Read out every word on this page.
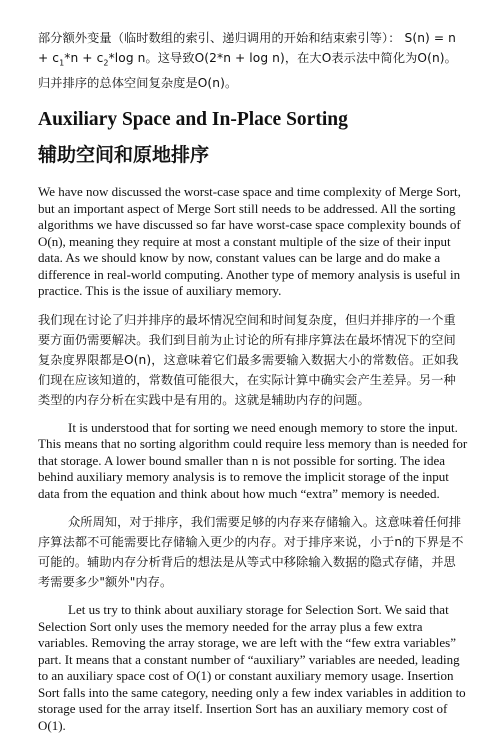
部分额外变量（临时数组的索引、递归调用的开始和结束索引等）： $S(n) = n + c_1*n + c_2*\log$ n。这导致O(2*n + log n)，在大O表示法中简化为O(n)。归并排序的总体空间复杂度是O(n)。

Auxiliary Space and In-Place Sorting
辅助空间和原地排序

We have now discussed the worst-case space and time complexity of Merge Sort, but an important aspect of Merge Sort still needs to be addressed. All the sorting algorithms we have discussed so far have worst-case space complexity bounds of O(n), meaning they require at most a constant multiple of the size of their input data. As we should know by now, constant values can be large and do make a difference in real-world computing. Another type of memory analysis is useful in practice. This is the issue of auxiliary memory.

我们现在讨论了归并排序的最坏情况空间和时间复杂度，但归并排序的一个重要方面仍需要解决。我们到目前为止讨论的所有排序算法在最坏情况下的空间复杂度界限都是O(n)，这意味着它们最多需要输入数据大小的常数倍。正如我们现在应该知道的，常数值可能很大，在实际计算中确实会产生差异。另一种类型的内存分析在实践中是有用的。这就是辅助内存的问题。

It is understood that for sorting we need enough memory to store the input. This means that no sorting algorithm could require less memory than is needed for that storage. A lower bound smaller than n is not possible for sorting. The idea behind auxiliary memory analysis is to remove the implicit storage of the input data from the equation and think about how much “extra” memory is needed.

众所周知，对于排序，我们需要足够的内存来存储输入。这意味着任何排序算法都不可能需要比存储输入更少的内存。对于排序来说，小于n的下界是不可能的。辅助内存分析背后的想法是从等式中移除输入数据的隐式存储，并思考需要多少"额外"内存。

Let us try to think about auxiliary storage for Selection Sort. We said that Selection Sort only uses the memory needed for the array plus a few extra variables. Removing the array storage, we are left with the “few extra variables” part. It means that a constant number of “auxiliary” variables are needed, leading to an auxiliary space cost of O(1) or constant auxiliary memory usage. Insertion Sort falls into the same category, needing only a few index variables in addition to storage used for the array itself. Insertion Sort has an auxiliary memory cost of O(1).
